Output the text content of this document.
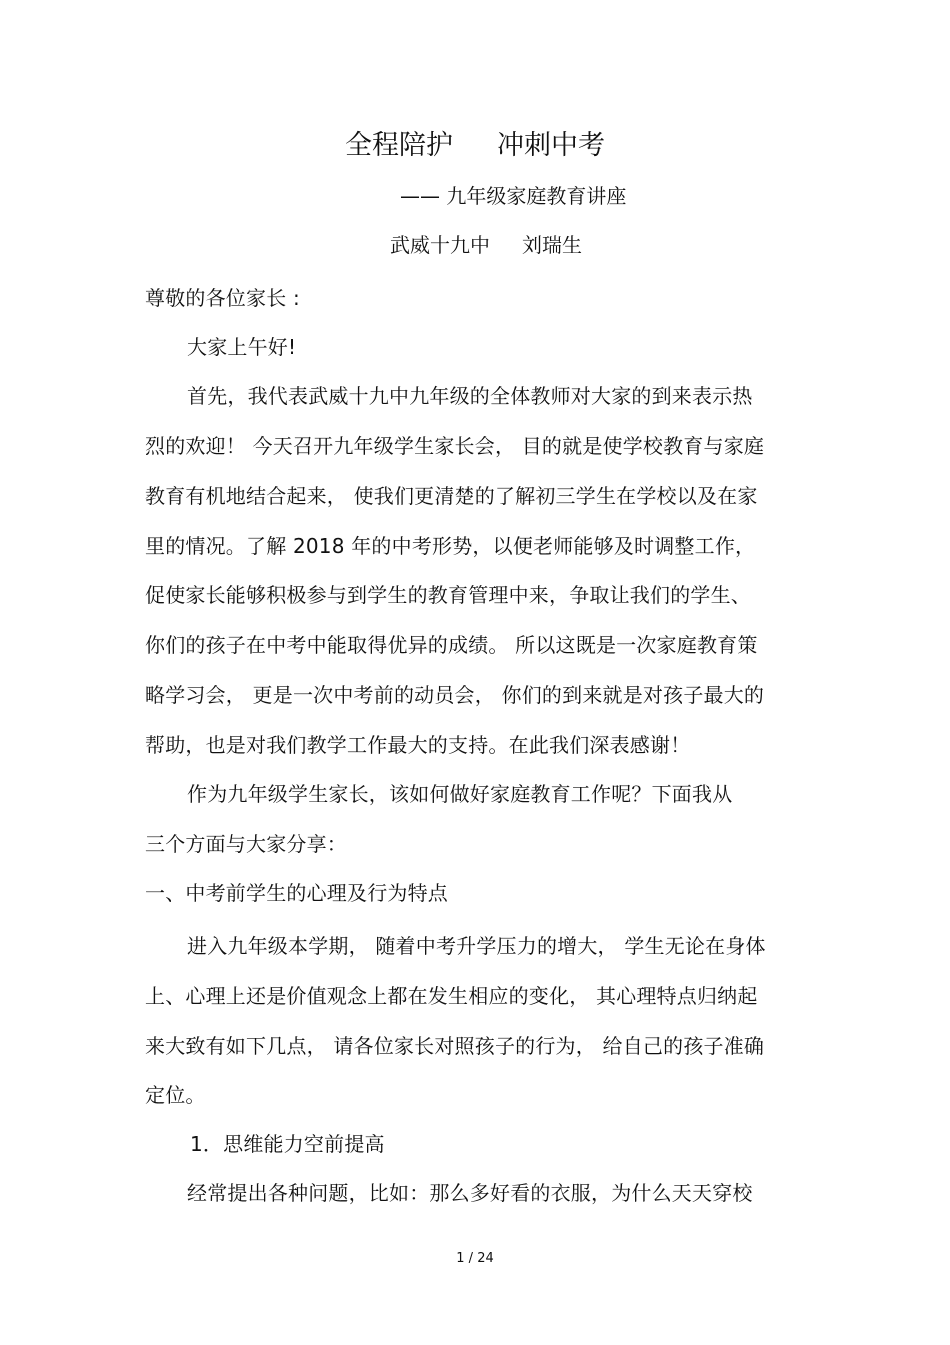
全程陪护 冲刺中考
—— 九年级家庭教育讲座
武威十九中 刘瑞生
尊敬的各位家长 :
大家上午好!
首先，我代表武威十九中九年级的全体教师对大家的到来表示热
烈的欢迎！ 今天召开九年级学生家长会， 目的就是使学校教育与家庭
教育有机地结合起来， 使我们更清楚的了解初三学生在学校以及在家
里的情况。了解 2018 年的中考形势，以便老师能够及时调整工作，
促使家长能够积极参与到学生的教育管理中来，争取让我们的学生、
你们的孩子在中考中能取得优异的成绩。 所以这既是一次家庭教育策
略学习会， 更是一次中考前的动员会， 你们的到来就是对孩子最大的
帮助，也是对我们教学工作最大的支持。在此我们深表感谢！
作为九年级学生家长，该如何做好家庭教育工作呢？下面我从
三个方面与大家分享：
一、中考前学生的心理及行为特点
进入九年级本学期， 随着中考升学压力的增大， 学生无论在身体
上、心理上还是价值观念上都在发生相应的变化， 其心理特点归纳起
来大致有如下几点， 请各位家长对照孩子的行为， 给自己的孩子准确
定位。
1．思维能力空前提高
经常提出各种问题，比如：那么多好看的衣服，为什么天天穿校
1 / 24
